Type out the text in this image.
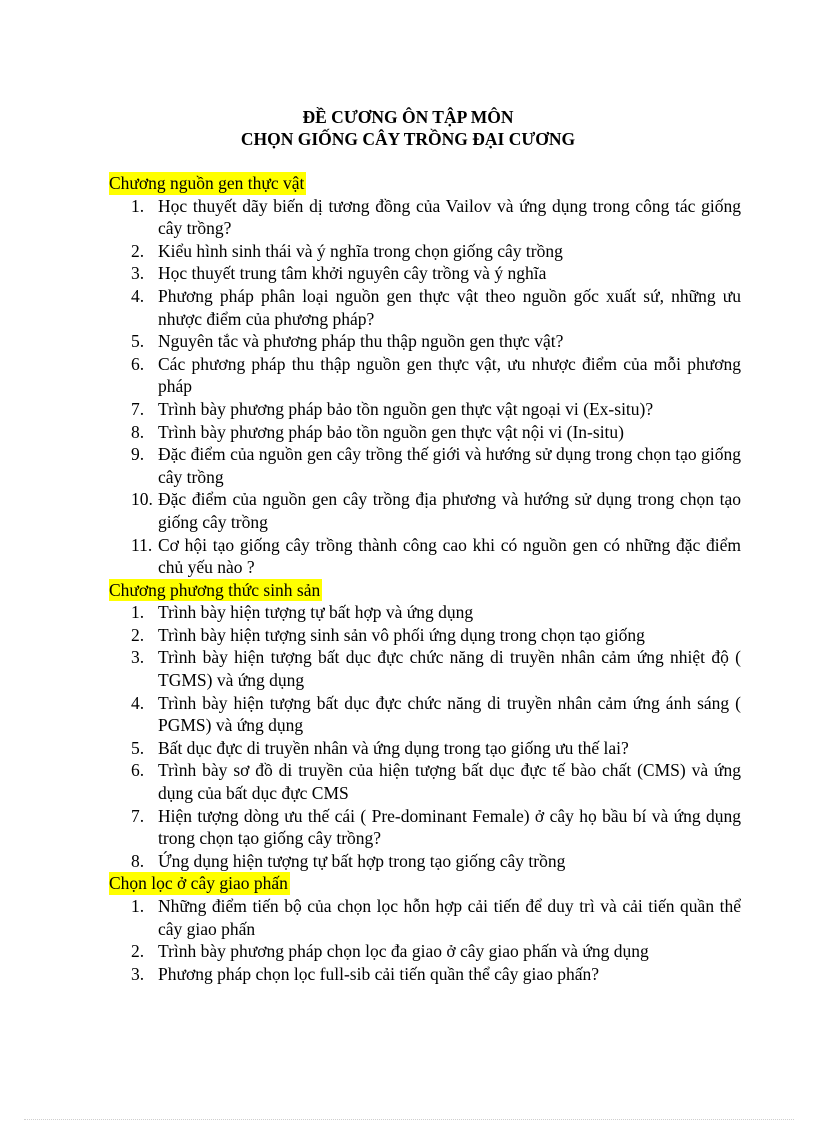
ĐỀ CƯƠNG ÔN TẬP MÔN
CHỌN GIỐNG CÂY TRỒNG ĐẠI CƯƠNG
Chương nguồn gen thực vật
1. Học thuyết dãy biến dị tương đồng của Vailov và ứng dụng trong công tác giống cây trồng?
2. Kiểu hình sinh thái và ý nghĩa trong chọn giống cây trồng
3. Học thuyết trung tâm khởi nguyên cây trồng và ý nghĩa
4. Phương pháp phân loại nguồn gen thực vật theo nguồn gốc xuất sứ, những ưu nhược điểm của phương pháp?
5. Nguyên tắc và phương pháp thu thập nguồn gen thực vật?
6. Các phương pháp thu thập nguồn gen thực vật, ưu nhược điểm của mỗi phương pháp
7. Trình bày phương pháp bảo tồn nguồn gen thực vật ngoại vi (Ex-situ)?
8. Trình bày phương pháp bảo tồn nguồn gen thực vật nội vi (In-situ)
9. Đặc điểm của nguồn gen cây trồng thế giới và hướng sử dụng trong chọn tạo giống cây trồng
10. Đặc điểm của nguồn gen cây trồng địa phương và hướng sử dụng trong chọn tạo giống cây trồng
11. Cơ hội tạo giống cây trồng thành công cao khi có nguồn gen có những đặc điểm chủ yếu nào ?
Chương phương thức sinh sản
1. Trình bày hiện tượng tự bất hợp và ứng dụng
2. Trình bày hiện tượng sinh sản vô phối ứng dụng trong chọn tạo giống
3. Trình bày hiện tượng bất dục đực chức năng di truyền nhân cảm ứng nhiệt độ ( TGMS) và ứng dụng
4. Trình bày hiện tượng bất dục đực chức năng di truyền nhân cảm ứng ánh sáng ( PGMS) và ứng dụng
5. Bất dục đực di truyền nhân và ứng dụng trong tạo giống ưu thế lai?
6. Trình bày sơ đồ di truyền của hiện tượng bất dục đực tế bào chất (CMS) và ứng dụng của bất dục đực CMS
7. Hiện tượng dòng ưu thế cái ( Pre-dominant Female) ở cây họ bầu bí và ứng dụng trong chọn tạo giống cây trồng?
8. Ứng dụng hiện tượng tự bất hợp trong tạo giống cây trồng
Chọn lọc ở cây giao phấn
1. Những điểm tiến bộ của chọn lọc hỗn hợp cải tiến để duy trì và cải tiến quần thể cây giao phấn
2. Trình bày phương pháp chọn lọc đa giao ở cây giao phấn và ứng dụng
3. Phương pháp chọn lọc full-sib cải tiến quần thể cây giao phấn?
